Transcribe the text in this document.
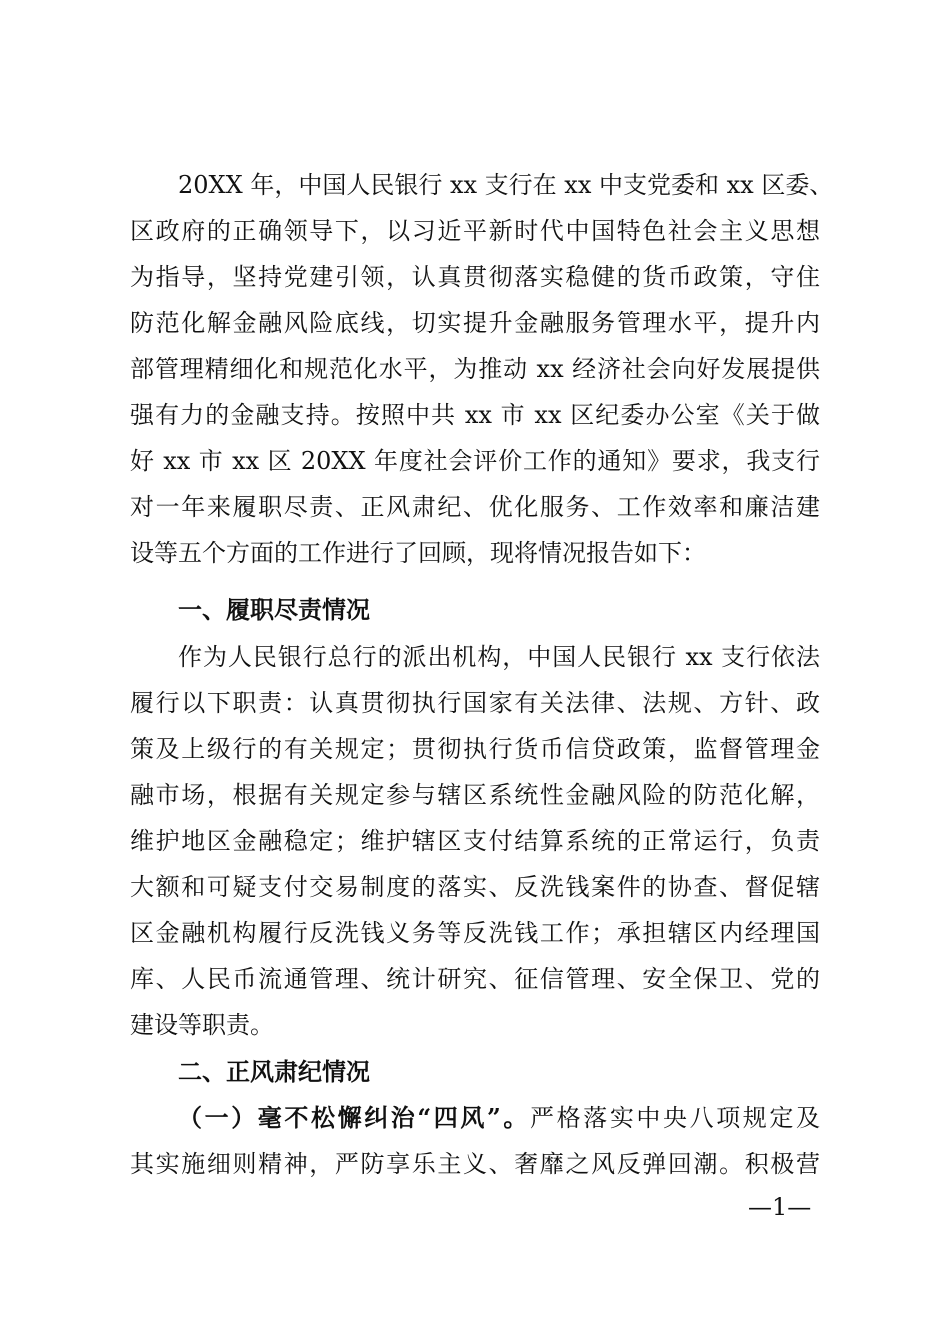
20XX 年，中国人民银行 xx 支行在 xx 中支党委和 xx 区委、
区政府的正确领导下，以习近平新时代中国特色社会主义思想
为指导，坚持党建引领，认真贯彻落实稳健的货币政策，守住
防范化解金融风险底线，切实提升金融服务管理水平，提升内
部管理精细化和规范化水平，为推动 xx 经济社会向好发展提供
强有力的金融支持。按照中共 xx 市 xx 区纪委办公室《关于做
好 xx 市 xx 区 20XX 年度社会评价工作的通知》要求，我支行
对一年来履职尽责、正风肃纪、优化服务、工作效率和廉洁建
设等五个方面的工作进行了回顾，现将情况报告如下：
一、履职尽责情况
作为人民银行总行的派出机构，中国人民银行 xx 支行依法
履行以下职责：认真贯彻执行国家有关法律、法规、方针、政
策及上级行的有关规定；贯彻执行货币信贷政策，监督管理金
融市场，根据有关规定参与辖区系统性金融风险的防范化解，
维护地区金融稳定；维护辖区支付结算系统的正常运行，负责
大额和可疑支付交易制度的落实、反洗钱案件的协查、督促辖
区金融机构履行反洗钱义务等反洗钱工作；承担辖区内经理国
库、人民币流通管理、统计研究、征信管理、安全保卫、党的
建设等职责。
二、正风肃纪情况
（一）毫不松懈纠治“四风”。严格落实中央八项规定及
其实施细则精神，严防享乐主义、奢靡之风反弹回潮。积极营
—1—
